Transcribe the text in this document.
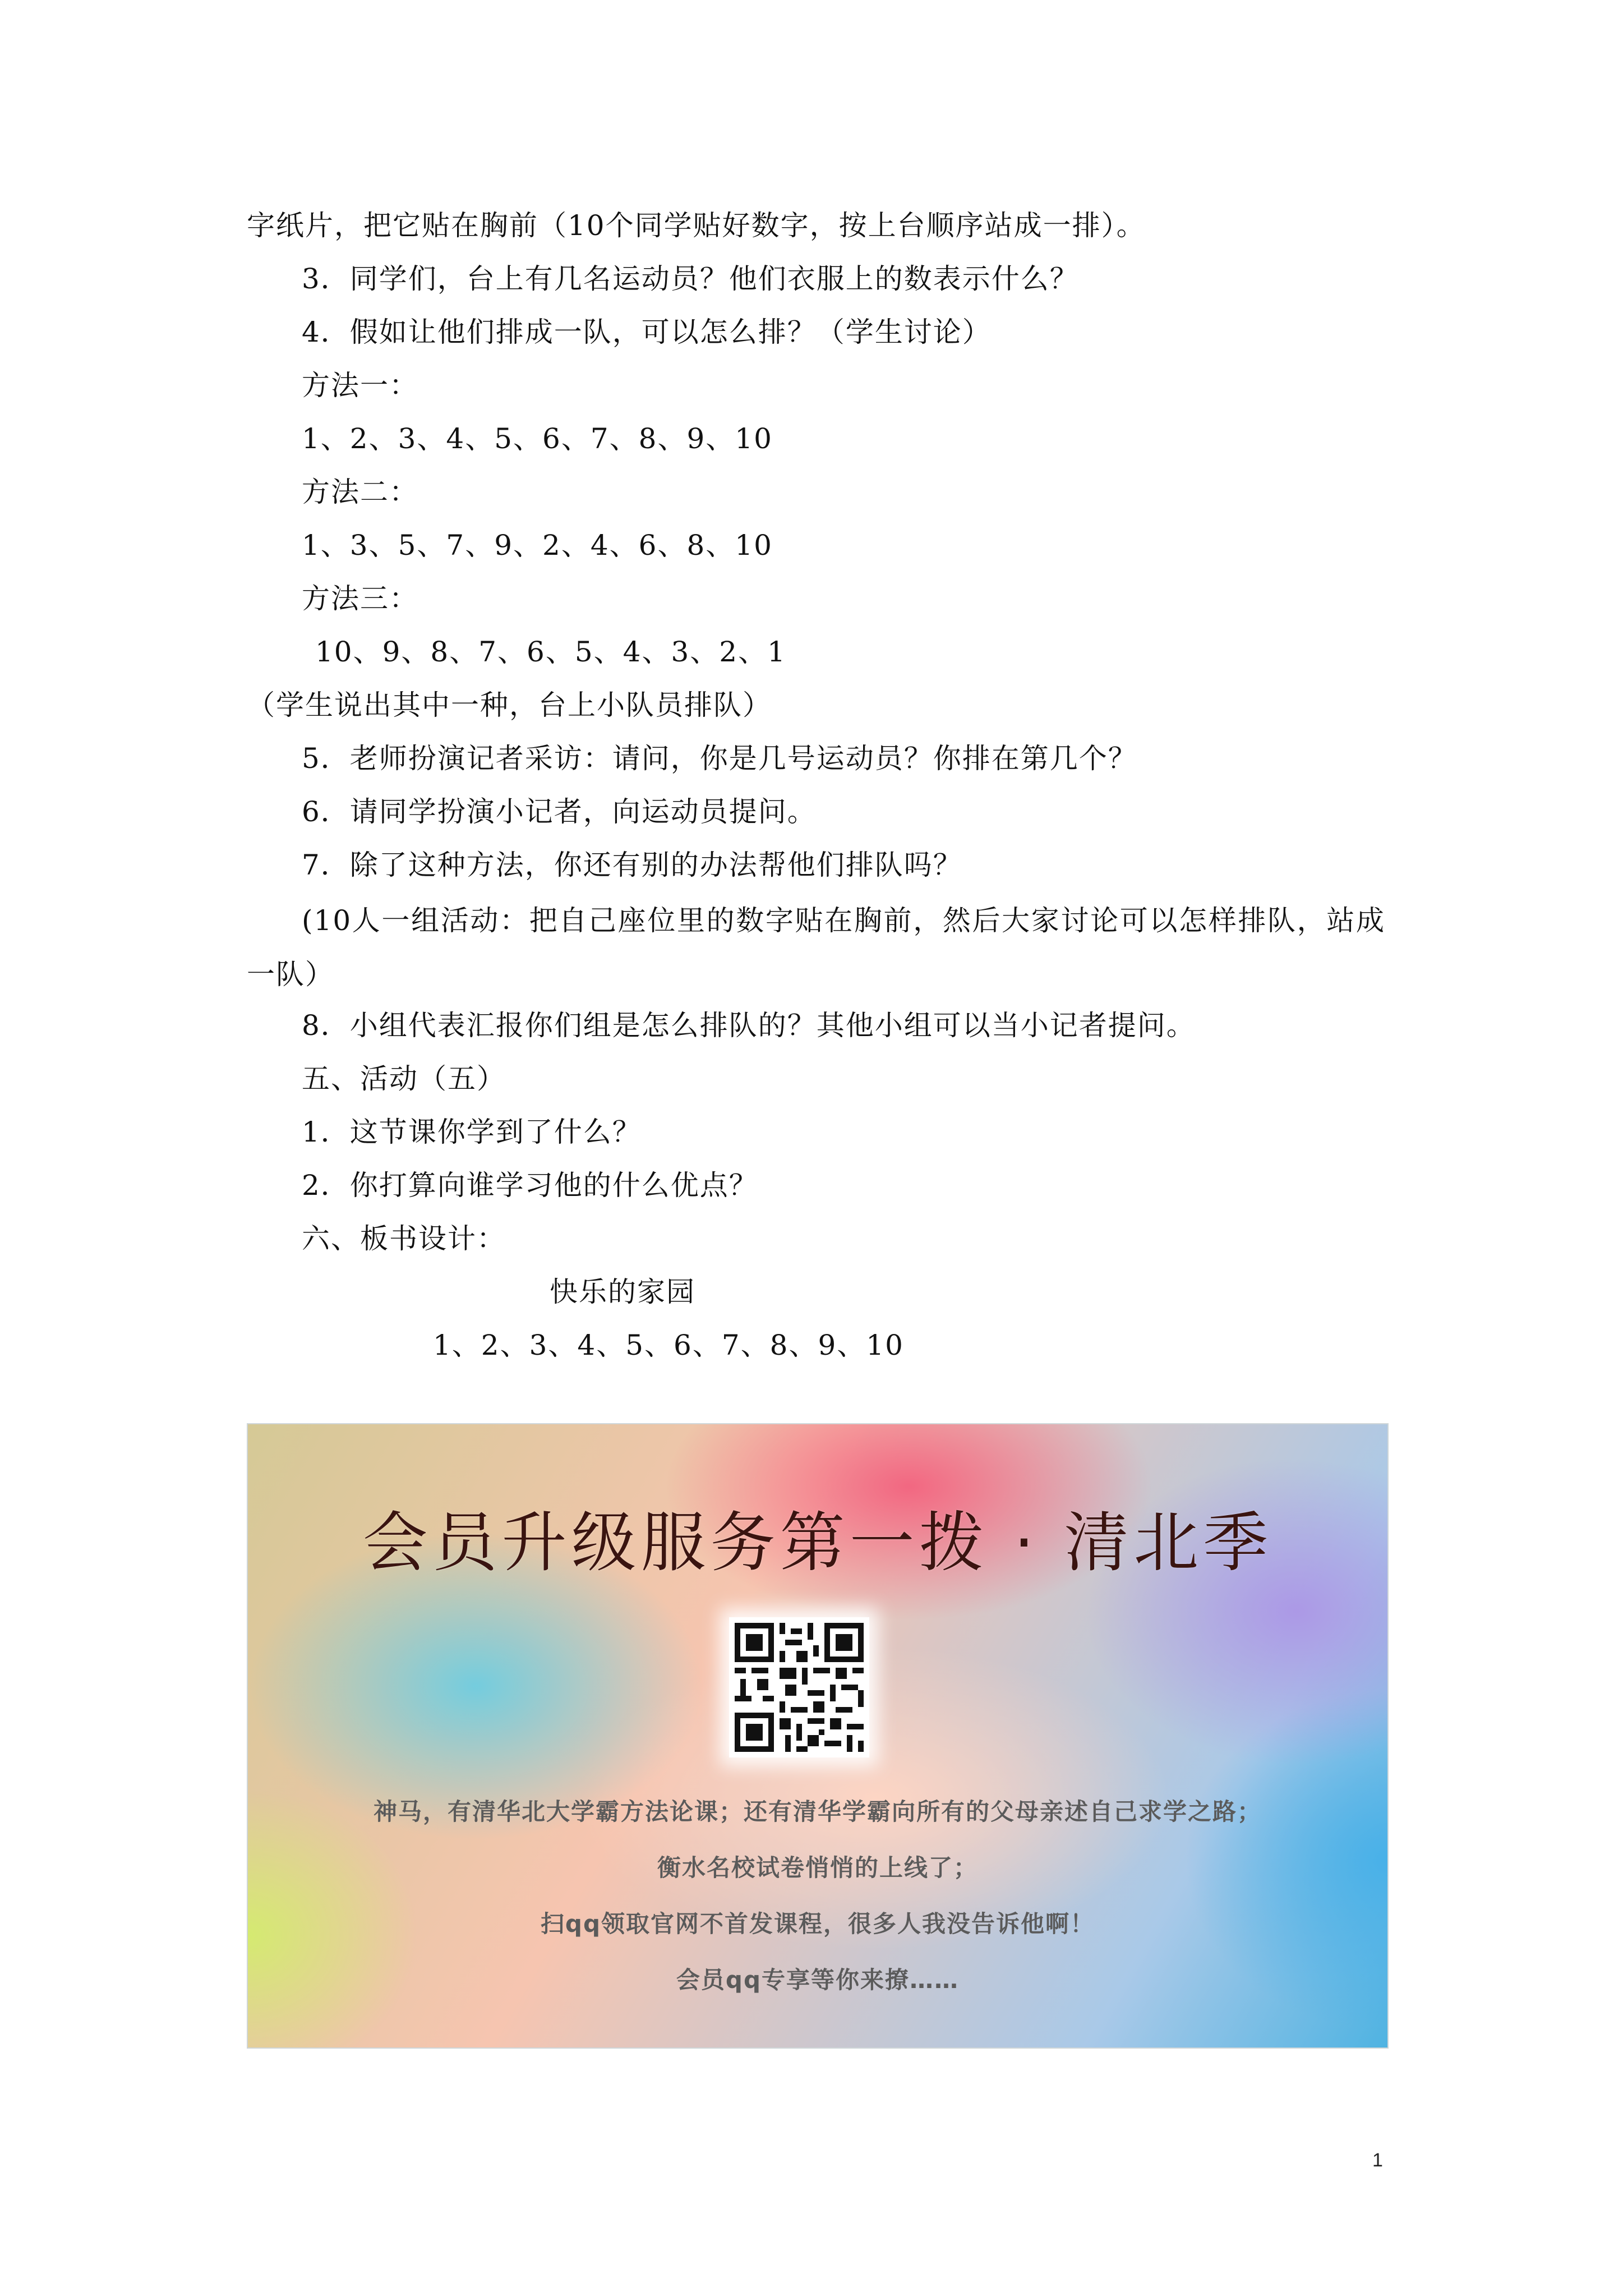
字纸片，把它贴在胸前（10个同学贴好数字，按上台顺序站成一排）。
3．同学们，台上有几名运动员？他们衣服上的数表示什么？
4．假如让他们排成一队，可以怎么排？（学生讨论）
方法一：
1、2、3、4、5、6、7、8、9、10
方法二：
1、3、5、7、9、2、4、6、8、10
方法三：
10、9、8、7、6、5、4、3、2、1
（学生说出其中一种，台上小队员排队）
5．老师扮演记者采访：请问，你是几号运动员？你排在第几个？
6．请同学扮演小记者，向运动员提问。
7．除了这种方法，你还有别的办法帮他们排队吗？

(10人一组活动：把自己座位里的数字贴在胸前，然后大家讨论可以怎样排队，站成一队）

8．小组代表汇报你们组是怎么排队的？其他小组可以当小记者提问。
五、活动（五）
1．这节课你学到了什么？
2．你打算向谁学习他的什么优点？
六、板书设计：
快乐的家园
1、2、3、4、5、6、7、8、9、10
会员升级服务第一拨 · 清北季
神马，有清华北大学霸方法论课；还有清华学霸向所有的父母亲述自己求学之路；
衡水名校试卷悄悄的上线了；
扫qq领取官网不首发课程，很多人我没告诉他啊！
会员qq专享等你来撩……
1
